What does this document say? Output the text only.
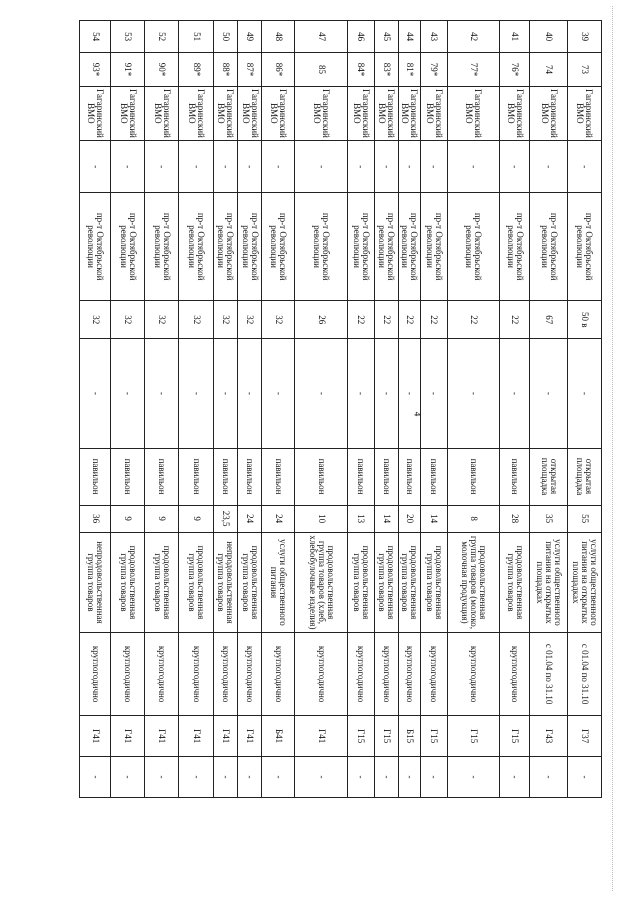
4
39	73	Гагаринский ВМО	-	пр-т Октябрьской революции	50 в	-	открытая площадка	55	услуги общественного питания на открытых площадках	с 01.04 по 31.10	Г37	-
40	74	Гагаринский ВМО	-	пр-т Октябрьской революции	67	-	открытая площадка	35	услуги общественного питания на открытых площадках	с 01.04 по 31.10	Г43	-
41	76*	Гагаринский ВМО	-	пр-т Октябрьской революции	22	-	павильон	28	продовольственная группа товаров	круглогодично	Г15	-
42	77*	Гагаринский ВМО	-	пр-т Октябрьской революции	22	-	павильон	8	продовольственная группа товаров (молоко, молочная продукция)	круглогодично	Г15	-
43	79*	Гагаринский ВМО	-	пр-т Октябрьской революции	22	-	павильон	14	продовольственная группа товаров	круглогодично	Г15	-
44	81*	Гагаринский ВМО	-	пр-т Октябрьской революции	22	-	павильон	20	продовольственная группа товаров	круглогодично	Б15	-
45	83*	Гагаринский ВМО	-	пр-т Октябрьской революции	22	-	павильон	14	продовольственная группа товаров	круглогодично	Г15	-
46	84*	Гагаринский ВМО	-	пр-т Октябрьской революции	22	-	павильон	13	продовольственная группа товаров	круглогодично	Г15	-
47	85	Гагаринский ВМО	-	пр-т Октябрьской революции	26	-	павильон	10	продовольственная группа товаров (хлеб, хлебобулочные изделия)	круглогодично	Г41	-
48	86*	Гагаринский ВМО	-	пр-т Октябрьской революции	32	-	павильон	24	услуги общественного питания	круглогодично	Б41	-
49	87*	Гагаринский ВМО	-	пр-т Октябрьской революции	32	-	павильон	24	продовольственная группа товаров	круглогодично	Г41	-
50	88*	Гагаринский ВМО	-	пр-т Октябрьской революции	32	-	павильон	23,5	непродовольственная группа товаров	круглогодично	Г41	-
51	89*	Гагаринский ВМО	-	пр-т Октябрьской революции	32	-	павильон	9	продовольственная группа товаров	круглогодично	Г41	-
52	90*	Гагаринский ВМО	-	пр-т Октябрьской революции	32	-	павильон	9	продовольственная группа товаров	круглогодично	Г41	-
53	91*	Гагаринский ВМО	-	пр-т Октябрьской революции	32	-	павильон	9	продовольственная группа товаров	круглогодично	Г41	-
54	93*	Гагаринский ВМО	-	пр-т Октябрьской революции	32	-	павильон	36	непродовольственная группа товаров	круглогодично	Г41	-
